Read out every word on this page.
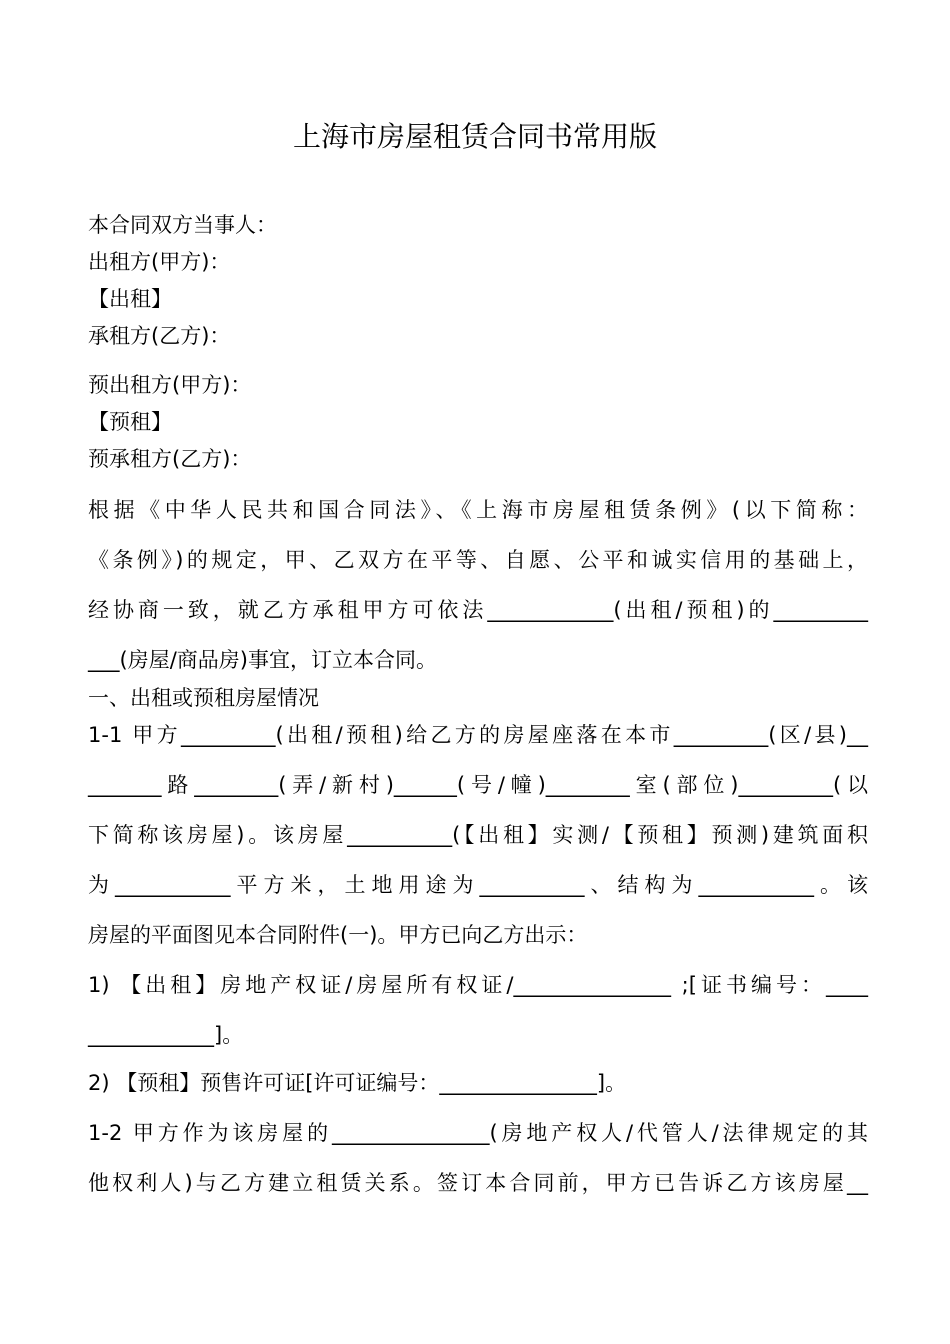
上海市房屋租赁合同书常用版
本合同双方当事人：
出租方(甲方)：
【出租】
承租方(乙方)：
预出租方(甲方)：
【预租】
预承租方(乙方)：
根据《中华人民共和国合同法》、《上海市房屋租赁条例》(以下简称：
《条例》)的规定，甲、乙双方在平等、自愿、公平和诚实信用的基础上，
经协商一致，就乙方承租甲方可依法____________(出租/预租)的_________
___(房屋/商品房)事宜，订立本合同。
一、出租或预租房屋情况
1-1 甲方_________(出租/预租)给乙方的房屋座落在本市_________(区/县)__
_______路________(弄/新村)______(号/幢)________室(部位)_________(以
下简称该房屋)。该房屋__________(【出租】实测/【预租】预测)建筑面积
为___________平方米，土地用途为__________、结构为___________。该
房屋的平面图见本合同附件(一)。甲方已向乙方出示：
1) 【出租】房地产权证/房屋所有权证/_______________ ;[证书编号：____
____________]。
2) 【预租】预售许可证[许可证编号：_______________]。
1-2 甲方作为该房屋的_______________(房地产权人/代管人/法律规定的其
他权利人)与乙方建立租赁关系。签订本合同前，甲方已告诉乙方该房屋__
